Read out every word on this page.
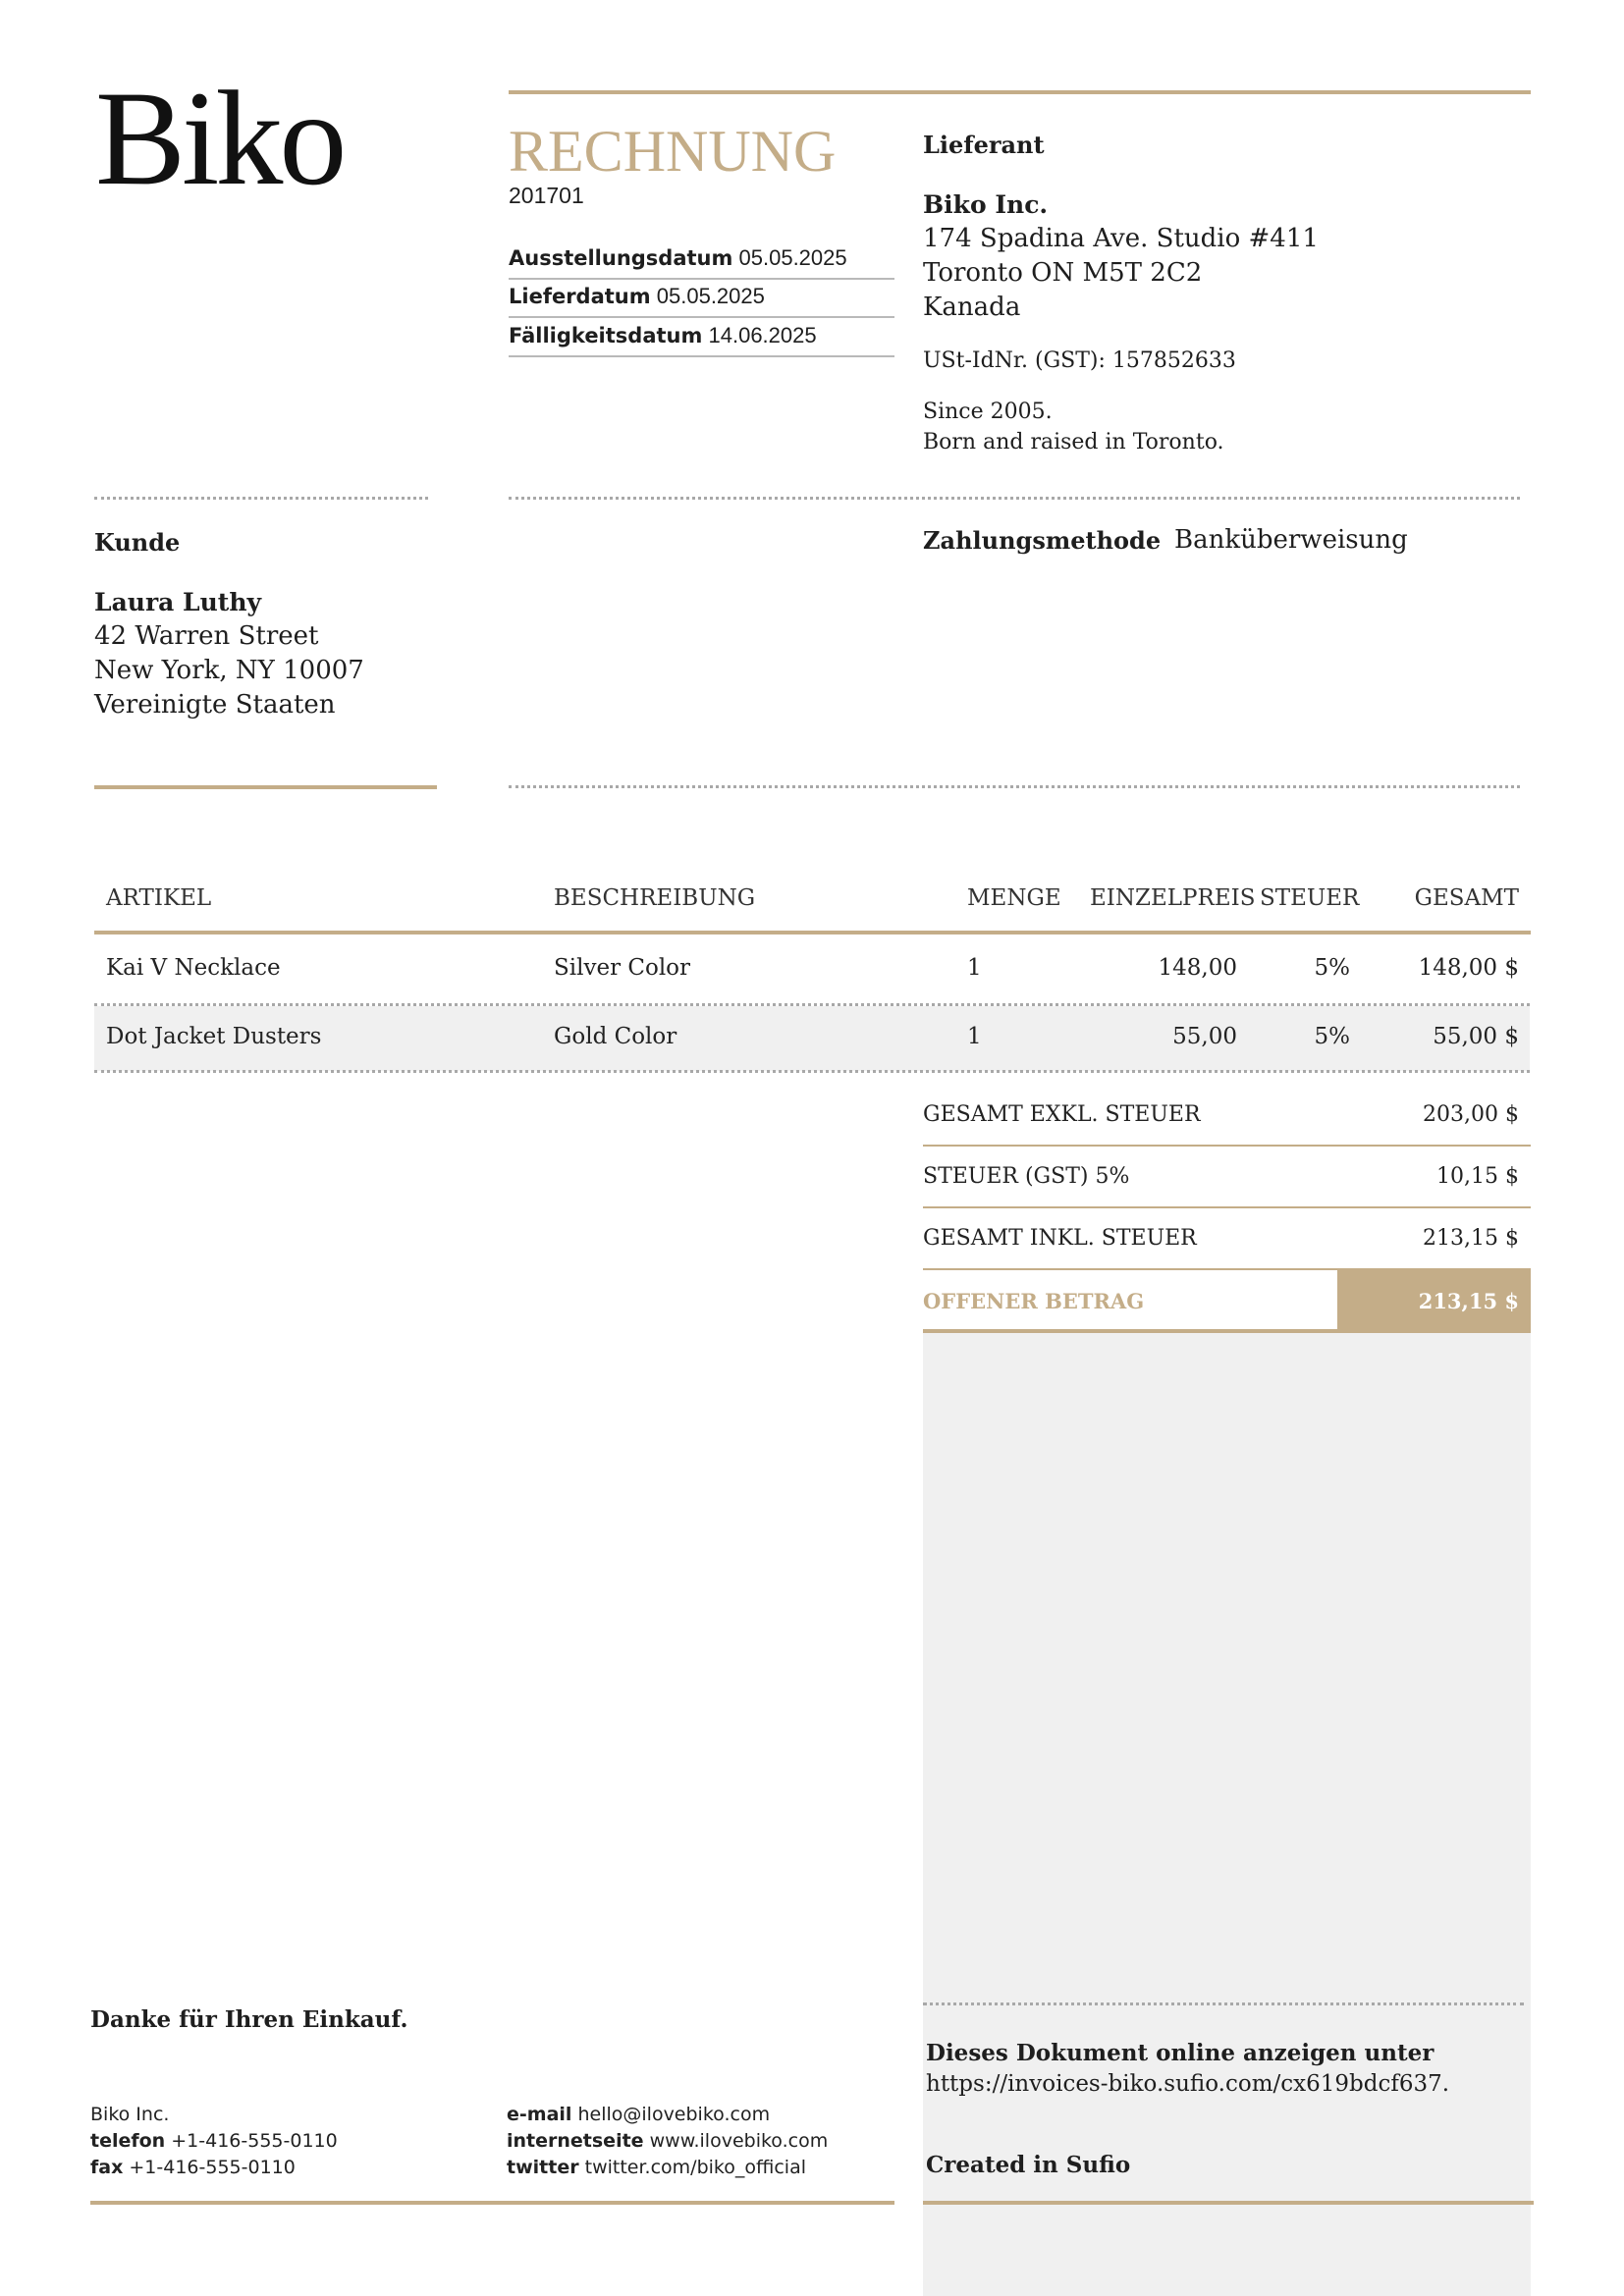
Biko	RECHNUNG
201701
Ausstellungsdatum 05.05.2025
Lieferdatum 05.05.2025
Fälligkeitsdatum 14.06.2025
Lieferant
Biko Inc.
174 Spadina Ave. Studio #411
Toronto ON M5T 2C2
Kanada
USt-IdNr. (GST): 157852633
Since 2005.
Born and raised in Toronto.
Kunde
Laura Luthy
42 Warren Street
New York, NY 10007
Vereinigte Staaten
Zahlungsmethode Banküberweisung
ARTIKEL	BESCHREIBUNG	MENGE EINZELPREIS STEUER GESAMT
Kai V Necklace	Silver Color	1	148,00	5%	148,00 $
Dot Jacket Dusters	Gold Color	1	55,00	5%	55,00 $
GESAMT EXKL. STEUER	203,00 $
STEUER (GST) 5%	10,15 $
GESAMT INKL. STEUER	213,15 $
OFFENER BETRAG	213,15 $
Dieses Dokument online anzeigen unter
https://invoices-biko.sufio.com/cx619bdcf637.
Created in Sufio
Danke für Ihren Einkauf.
Biko Inc.
telefon +1-416-555-0110
fax +1-416-555-0110
e-mail hello@ilovebiko.com
internetseite www.ilovebiko.com
twitter twitter.com/biko_official
